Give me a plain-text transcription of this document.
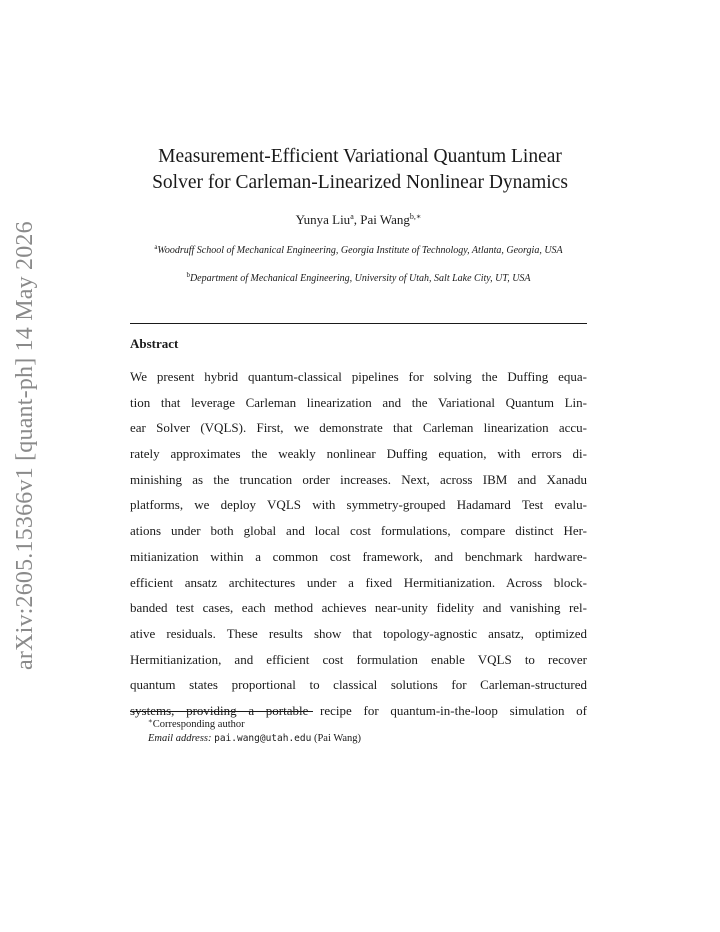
arXiv:2605.15366v1 [quant-ph] 14 May 2026
Measurement-Efficient Variational Quantum Linear
Solver for Carleman-Linearized Nonlinear Dynamics
Yunya Liu$^a$, Pai Wang$^{b,∗}$
$^a$Woodruff School of Mechanical Engineering, Georgia Institute of Technology, Atlanta, Georgia, USA
$^b$Department of Mechanical Engineering, University of Utah, Salt Lake City, UT, USA
Abstract
We present hybrid quantum-classical pipelines for solving the Duffing equa-
tion that leverage Carleman linearization and the Variational Quantum Lin-
ear Solver (VQLS). First, we demonstrate that Carleman linearization accu-
rately approximates the weakly nonlinear Duffing equation, with errors di-
minishing as the truncation order increases. Next, across IBM and Xanadu
platforms, we deploy VQLS with symmetry-grouped Hadamard Test evalu-
ations under both global and local cost formulations, compare distinct Her-
mitianization within a common cost framework, and benchmark hardware-
efficient ansatz architectures under a fixed Hermitianization. Across block-
banded test cases, each method achieves near-unity fidelity and vanishing rel-
ative residuals. These results show that topology-agnostic ansatz, optimized
Hermitianization, and efficient cost formulation enable VQLS to recover
quantum states proportional to classical solutions for Carleman-structured
systems, providing a portable recipe for quantum-in-the-loop simulation of
∗Corresponding author
Email address: pai.wang@utah.edu (Pai Wang)
